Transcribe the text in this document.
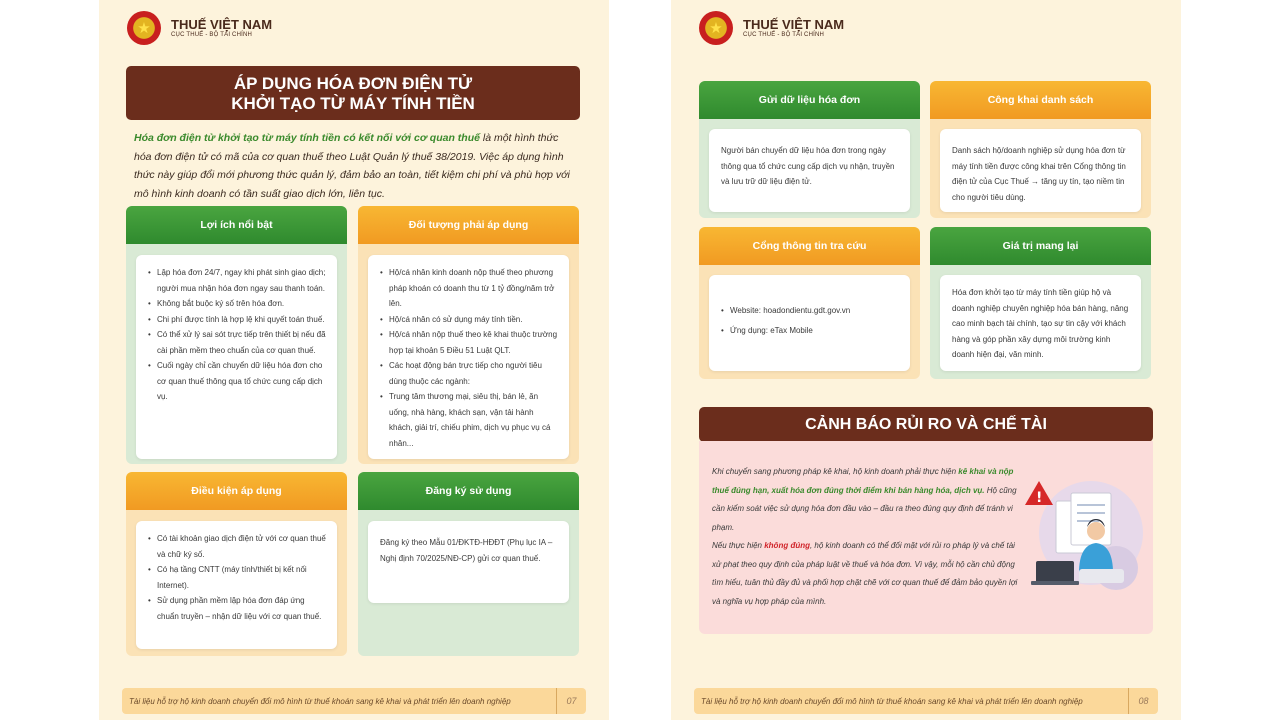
★	THUẾ VIỆT NAM
CỤC THUẾ - BỘ TÀI CHÍNH
ÁP DỤNG HÓA ĐƠN ĐIỆN TỬ
KHỞI TẠO TỪ MÁY TÍNH TIỀN
Hóa đơn điện tử khởi tạo từ máy tính tiền có kết nối với cơ quan thuế là một hình thức hóa đơn điện tử có mã của cơ quan thuế theo Luật Quản lý thuế 38/2019. Việc áp dụng hình thức này giúp đổi mới phương thức quản lý, đảm bảo an toàn, tiết kiệm chi phí và phù hợp với mô hình kinh doanh có tần suất giao dịch lớn, liên tục.
Lợi ích nổi bật
• Lập hóa đơn 24/7, ngay khi phát sinh giao dịch; người mua nhận hóa đơn ngay sau thanh toán.
• Không bắt buộc ký số trên hóa đơn.
• Chi phí được tính là hợp lệ khi quyết toán thuế.
• Có thể xử lý sai sót trực tiếp trên thiết bị nếu đã cài phần mềm theo chuẩn của cơ quan thuế.
• Cuối ngày chỉ cần chuyển dữ liệu hóa đơn cho cơ quan thuế thông qua tổ chức cung cấp dịch vụ.
Đối tượng phải áp dụng
• Hộ/cá nhân kinh doanh nộp thuế theo phương pháp khoán có doanh thu từ 1 tỷ đồng/năm trở lên.
• Hộ/cá nhân có sử dụng máy tính tiền.
• Hộ/cá nhân nộp thuế theo kê khai thuộc trường hợp tại khoản 5 Điều 51 Luật QLT.
• Các hoạt động bán trực tiếp cho người tiêu dùng thuộc các ngành:
• Trung tâm thương mại, siêu thị, bán lẻ, ăn uống, nhà hàng, khách sạn, vận tải hành khách, giải trí, chiếu phim, dịch vụ phục vụ cá nhân...
Điều kiện áp dụng
• Có tài khoản giao dịch điện tử với cơ quan thuế và chữ ký số.
• Có hạ tầng CNTT (máy tính/thiết bị kết nối Internet).
• Sử dụng phần mềm lập hóa đơn đáp ứng chuẩn truyền – nhận dữ liệu với cơ quan thuế.
Đăng ký sử dụng

Đăng ký theo Mẫu 01/ĐKTĐ-HĐĐT (Phụ lục IA – Nghị định 70/2025/NĐ-CP) gửi cơ quan thuế.

Tài liệu hỗ trợ hộ kinh doanh chuyển đổi mô hình từ thuế khoán sang kê khai và phát triển lên doanh nghiệp	07
★	THUẾ VIỆT NAM
CỤC THUẾ - BỘ TÀI CHÍNH
Gửi dữ liệu hóa đơn

Người bán chuyển dữ liệu hóa đơn trong ngày thông qua tổ chức cung cấp dịch vụ nhận, truyền và lưu trữ dữ liệu điện tử.

Công khai danh sách

Danh sách hộ/doanh nghiệp sử dụng hóa đơn từ máy tính tiền được công khai trên Cổng thông tin điện tử của Cục Thuế → tăng uy tín, tạo niềm tin cho người tiêu dùng.

Cổng thông tin tra cứu
• Website: hoadondientu.gdt.gov.vn
• Ứng dụng: eTax Mobile
Giá trị mang lại

Hóa đơn khởi tạo từ máy tính tiền giúp hộ và doanh nghiệp chuyên nghiệp hóa bán hàng, nâng cao minh bạch tài chính, tạo sự tin cậy với khách hàng và góp phần xây dựng môi trường kinh doanh hiện đại, văn minh.

CẢNH BÁO RỦI RO VÀ CHẾ TÀI
Khi chuyển sang phương pháp kê khai, hộ kinh doanh phải thực hiện kê khai và nộp thuế đúng hạn, xuất hóa đơn đúng thời điểm khi bán hàng hóa, dịch vụ. Hộ cũng cần kiểm soát việc sử dụng hóa đơn đầu vào – đầu ra theo đúng quy định để tránh vi phạm.
Nếu thực hiện không đúng, hộ kinh doanh có thể đối mặt với rủi ro pháp lý và chế tài xử phạt theo quy định của pháp luật về thuế và hóa đơn. Vì vậy, mỗi hộ cần chủ động tìm hiểu, tuân thủ đầy đủ và phối hợp chặt chẽ với cơ quan thuế để đảm bảo quyền lợi và nghĩa vụ hợp pháp của mình.
!
Tài liệu hỗ trợ hộ kinh doanh chuyển đổi mô hình từ thuế khoán sang kê khai và phát triển lên doanh nghiệp	08
